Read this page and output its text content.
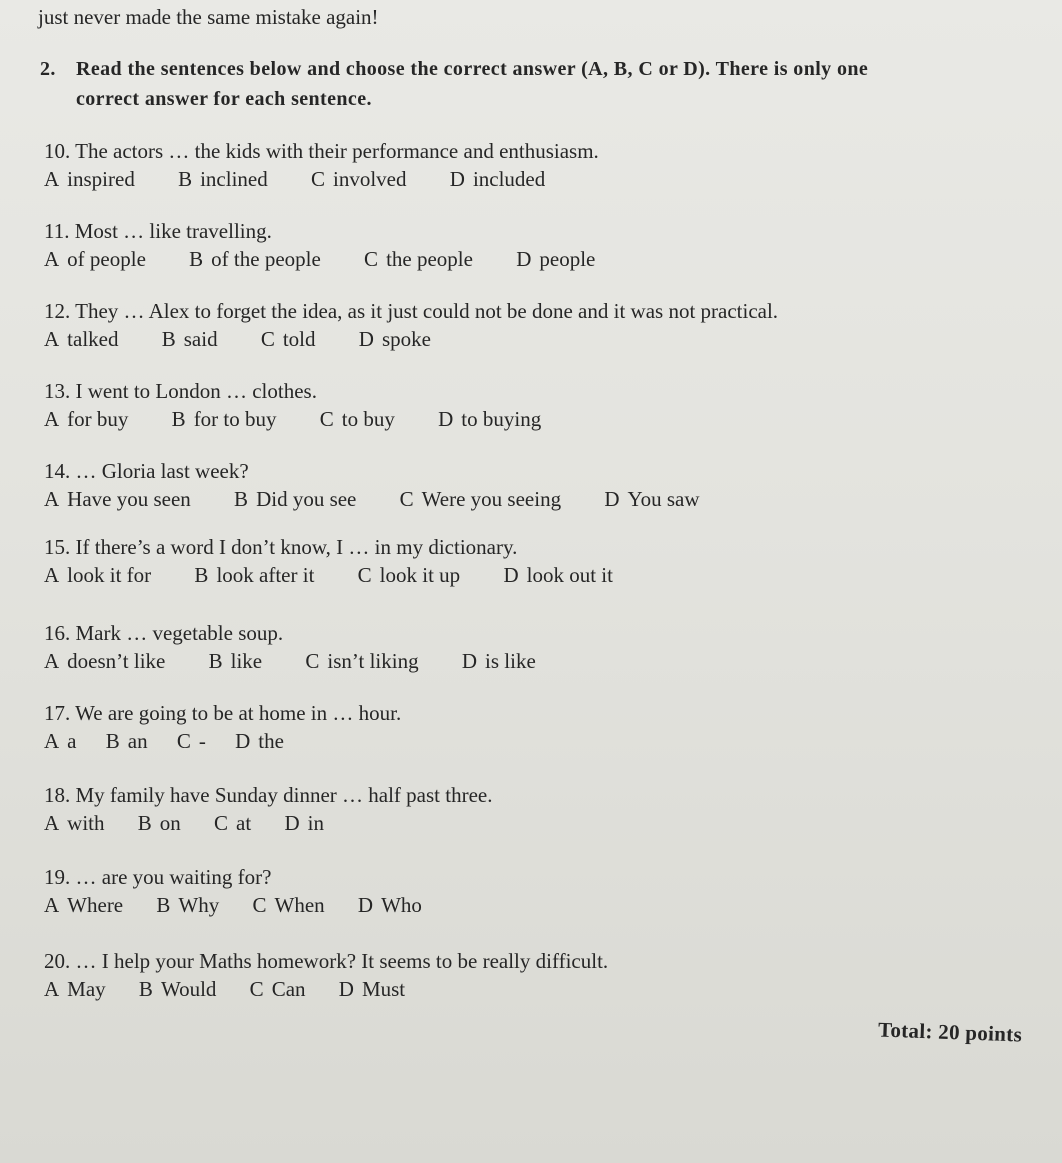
just never made the same mistake again!
2. Read the sentences below and choose the correct answer (A, B, C or D). There is only one
correct answer for each sentence.
10. The actors … the kids with their performance and enthusiasm.
A inspired B inclined C involved D included
11. Most … like travelling.
A of people B of the people C the people D people
12. They … Alex to forget the idea, as it just could not be done and it was not practical.
A talked B said C told D spoke
13. I went to London … clothes.
A for buy B for to buy C to buy D to buying
14. … Gloria last week?
A Have you seen B Did you see C Were you seeing D You saw
15. If there’s a word I don’t know, I … in my dictionary.
A look it for B look after it C look it up D look out it
16. Mark … vegetable soup.
A doesn’t like B like C isn’t liking D is like
17. We are going to be at home in … hour.
A a B an C - D the
18. My family have Sunday dinner … half past three.
A with B on C at D in
19. … are you waiting for?
A Where B Why C When D Who
20. … I help your Maths homework? It seems to be really difficult.
A May B Would C Can D Must
Total: 20 points
